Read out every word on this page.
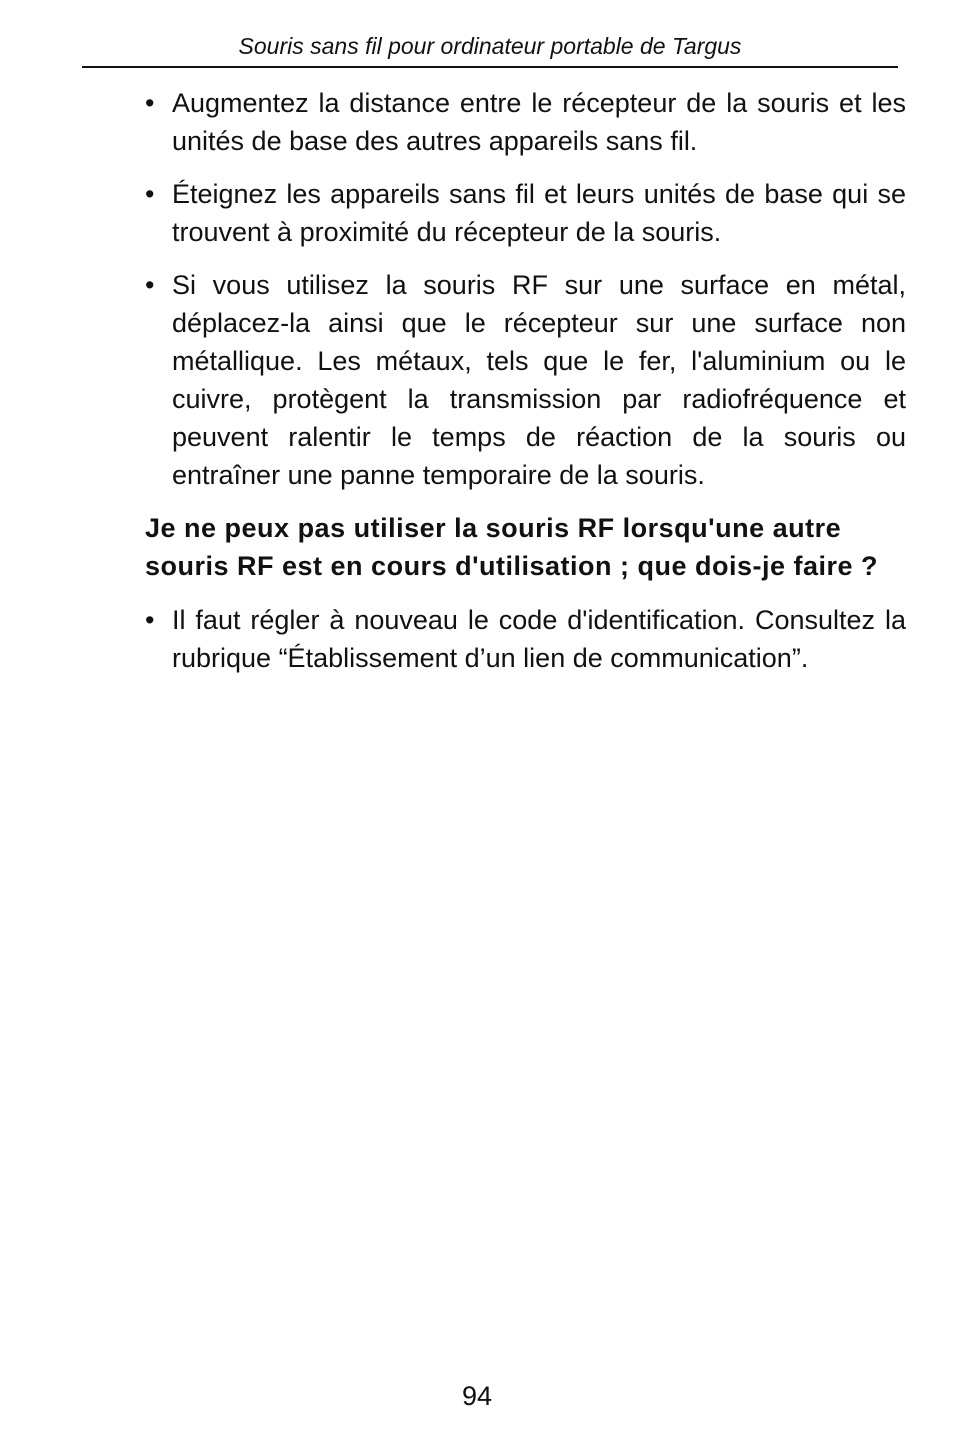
Souris sans fil pour ordinateur portable de Targus
• Augmentez la distance entre le récepteur de la souris et les unités de base des autres appareils sans fil.
• Éteignez les appareils sans fil et leurs unités de base qui se trouvent à proximité du récepteur de la souris.
• Si vous utilisez la souris RF sur une surface en métal, déplacez-la ainsi que le récepteur sur une surface non métallique. Les métaux, tels que le fer, l'aluminium ou le cuivre, protègent la transmission par radiofréquence et peuvent ralentir le temps de réaction de la souris ou entraîner une panne temporaire de la souris.
Je ne peux pas utiliser la souris RF lorsqu'une autre souris RF est en cours d'utilisation ; que dois-je faire ?
• Il faut régler à nouveau le code d'identification. Consultez la rubrique “Établissement d’un lien de communication”.
94
